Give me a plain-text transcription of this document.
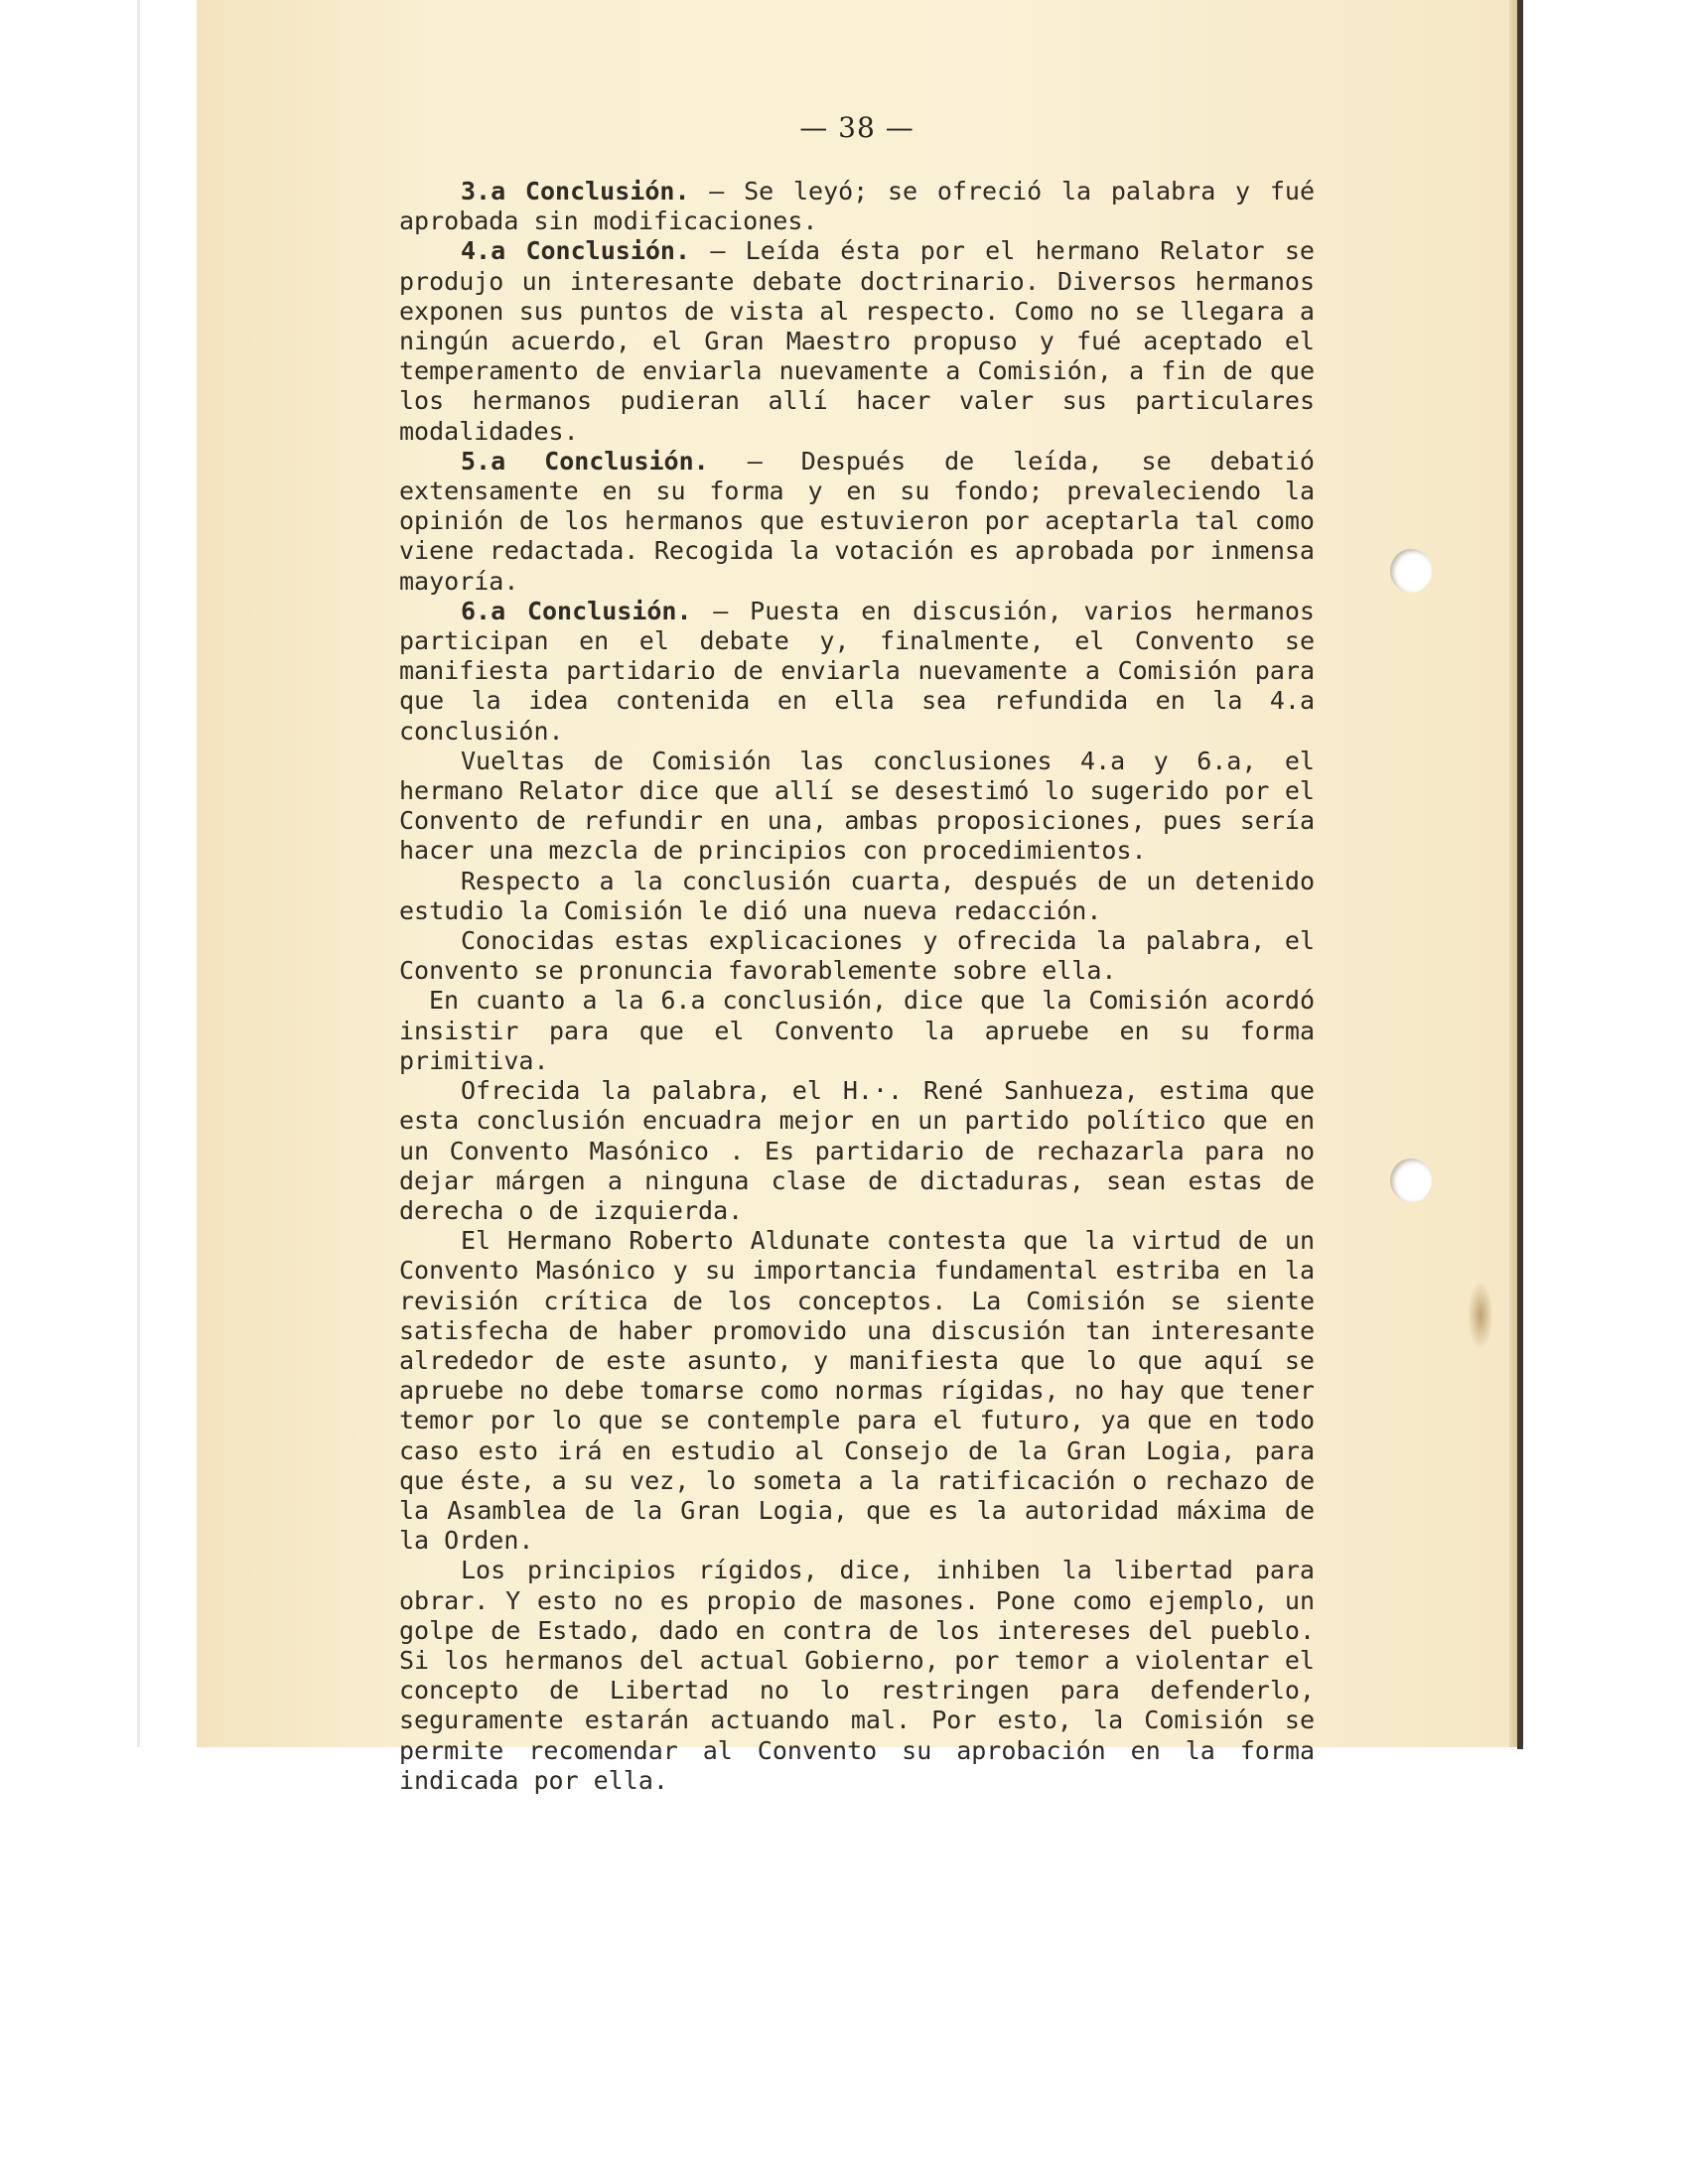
— 38 —

3.a Conclusión. — Se leyó; se ofreció la palabra y fué aprobada sin modificaciones.

4.a Conclusión. — Leída ésta por el hermano Relator se produjo un interesante debate doctrinario. Diversos hermanos exponen sus puntos de vista al respecto. Como no se llegara a ningún acuerdo, el Gran Maestro propuso y fué aceptado el temperamento de enviarla nuevamente a Comisión, a fin de que los hermanos pudieran allí hacer valer sus particulares modalidades.

5.a Conclusión. — Después de leída, se debatió extensamente en su forma y en su fondo; prevaleciendo la opinión de los hermanos que estuvieron por aceptarla tal como viene redactada. Recogida la votación es aprobada por inmensa mayoría.

6.a Conclusión. — Puesta en discusión, varios hermanos participan en el debate y, finalmente, el Convento se manifiesta partidario de enviarla nuevamente a Comisión para que la idea contenida en ella sea refundida en la 4.a conclusión.

Vueltas de Comisión las conclusiones 4.a y 6.a, el hermano Relator dice que allí se desestimó lo sugerido por el Convento de refundir en una, ambas proposiciones, pues sería hacer una mezcla de principios con procedimientos.

Respecto a la conclusión cuarta, después de un detenido estudio la Comisión le dió una nueva redacción.

Conocidas estas explicaciones y ofrecida la palabra, el Convento se pronuncia favorablemente sobre ella.

En cuanto a la 6.a conclusión, dice que la Comisión acordó insistir para que el Convento la apruebe en su forma primitiva.

Ofrecida la palabra, el H.·. René Sanhueza, estima que esta conclusión encuadra mejor en un partido político que en un Convento Masónico . Es partidario de rechazarla para no dejar márgen a ninguna clase de dictaduras, sean estas de derecha o de izquierda.

El Hermano Roberto Aldunate contesta que la virtud de un Convento Masónico y su importancia fundamental estriba en la revisión crítica de los conceptos. La Comisión se siente satisfecha de haber promovido una discusión tan interesante alrededor de este asunto, y manifiesta que lo que aquí se apruebe no debe tomarse como normas rígidas, no hay que tener temor por lo que se contemple para el futuro, ya que en todo caso esto irá en estudio al Consejo de la Gran Logia, para que éste, a su vez, lo someta a la ratificación o rechazo de la Asamblea de la Gran Logia, que es la autoridad máxima de la Orden.

Los principios rígidos, dice, inhiben la libertad para obrar. Y esto no es propio de masones. Pone como ejemplo, un golpe de Estado, dado en contra de los intereses del pueblo. Si los hermanos del actual Gobierno, por temor a violentar el concepto de Libertad no lo restringen para defenderlo, seguramente estarán actuando mal. Por esto, la Comisión se permite recomendar al Convento su aprobación en la forma indicada por ella.
